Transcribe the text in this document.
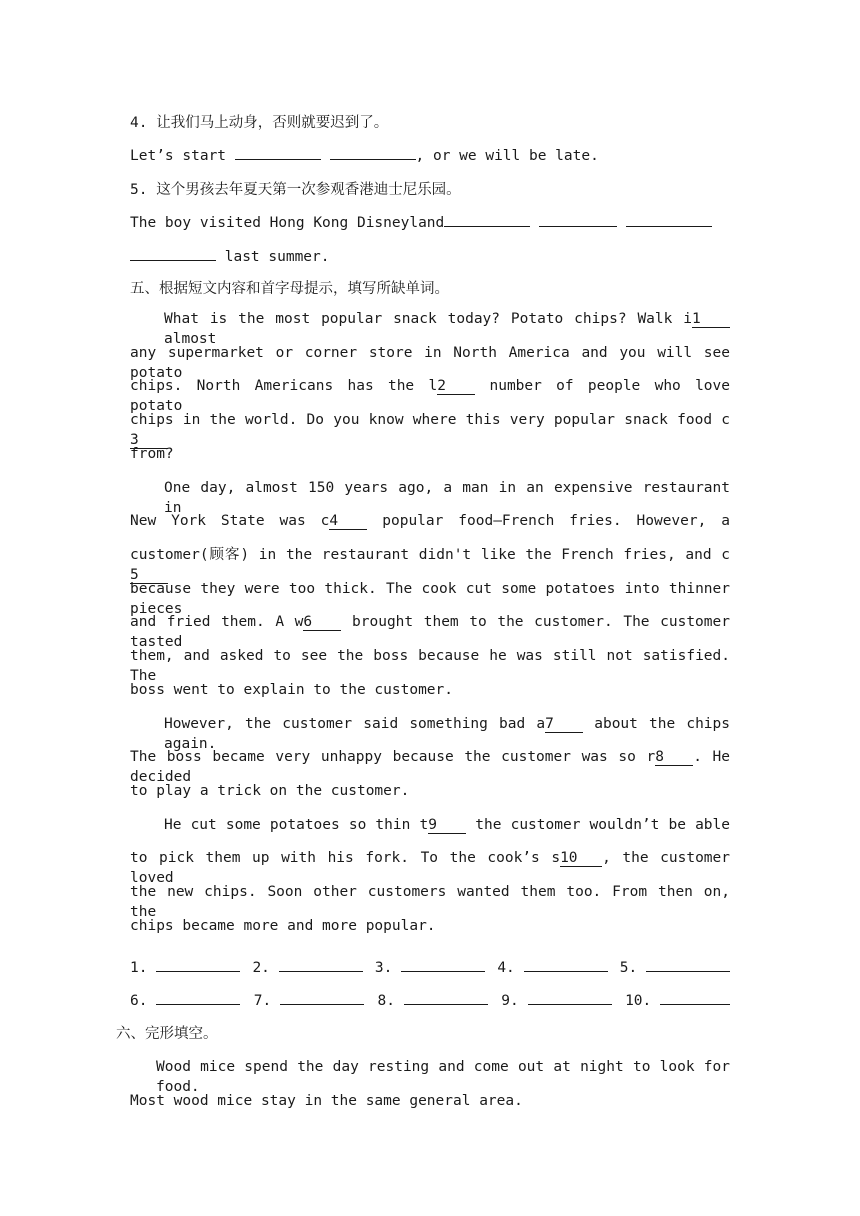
4. 让我们马上动身，否则就要迟到了。
Let’s start	, or we will be late.
5. 这个男孩去年夏天第一次参观香港迪士尼乐园。
The boy visited Hong Kong Disneyland
last summer.
五、根据短文内容和首字母提示，填写所缺单词。
1.	2.	3.	4.	5.
6.	7.	8.	9.	10.
六、完形填空。
Wood mice spend the day resting and come out at night to look for food.
Most wood mice stay in the same general area.
What is the most popular snack today? Potato chips? Walk i1 almost
any supermarket or corner store in North America and you will see potato
chips. North Americans has the l2 number of people who love potato
chips in the world. Do you know where this very popular snack food c3
from?
One day, almost 150 years ago, a man in an expensive restaurant in
New York State was c4 popular food—French fries. However, a
customer(顾客) in the restaurant didn't like the French fries, and c5
because they were too thick. The cook cut some potatoes into thinner pieces
and fried them. A w6 brought them to the customer. The customer tasted
them, and asked to see the boss because he was still not satisfied. The
boss went to explain to the customer.
However, the customer said something bad a7 about the chips again.
The boss became very unhappy because the customer was so r8 . He decided
to play a trick on the customer.
He cut some potatoes so thin t9 the customer wouldn’t be able
to pick them up with his fork. To the cook’s s10 , the customer loved
the new chips. Soon other customers wanted them too. From then on, the
chips became more and more popular.
